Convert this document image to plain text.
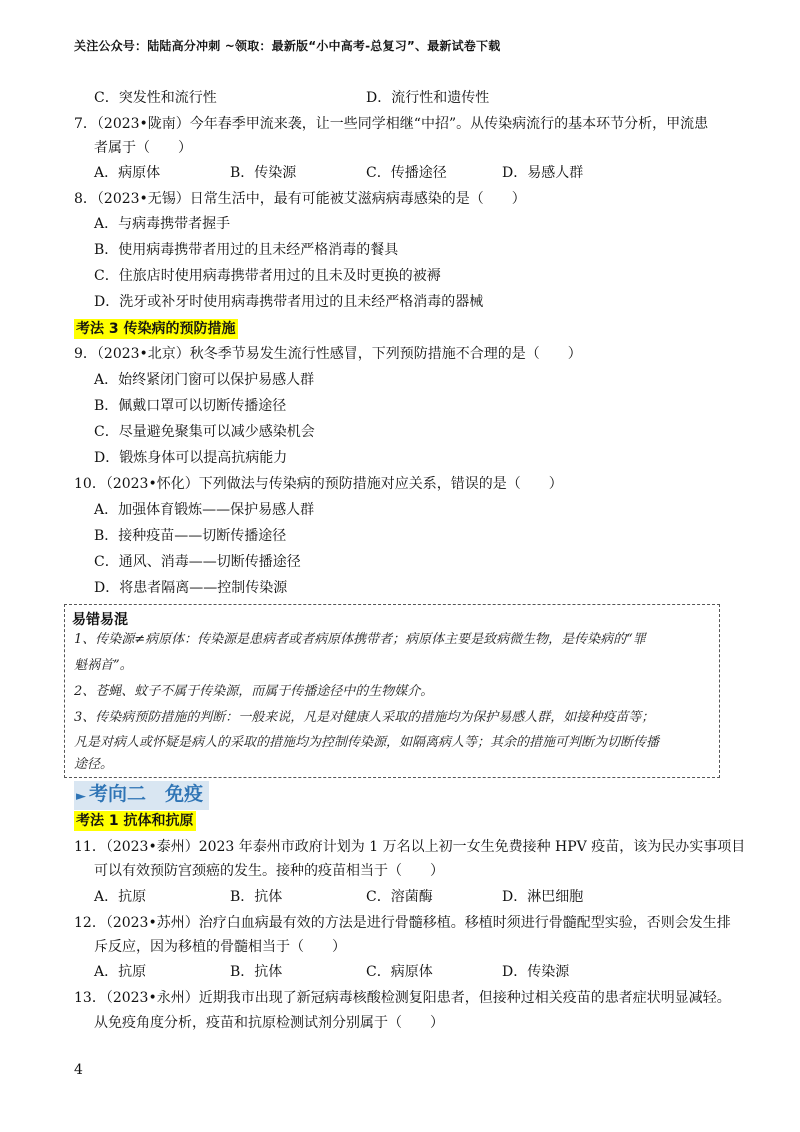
关注公众号：陆陆高分冲刺 ~领取：最新版“小中高考-总复习”、最新试卷下载
C．突发性和流行性	D．流行性和遗传性
7．（2023•陇南）今年春季甲流来袭，让一些同学相继“中招”。从传染病流行的基本环节分析，甲流患
者属于（　　）
A．病原体	B．传染源	C．传播途径	D．易感人群
8．（2023•无锡）日常生活中，最有可能被艾滋病病毒感染的是（　　）
A．与病毒携带者握手
B．使用病毒携带者用过的且未经严格消毒的餐具
C．住旅店时使用病毒携带者用过的且未及时更换的被褥
D．洗牙或补牙时使用病毒携带者用过的且未经严格消毒的器械
考法 3 传染病的预防措施
9．（2023•北京）秋冬季节易发生流行性感冒，下列预防措施不合理的是（　　）
A．始终紧闭门窗可以保护易感人群
B．佩戴口罩可以切断传播途径
C．尽量避免聚集可以减少感染机会
D．锻炼身体可以提高抗病能力
10．（2023•怀化）下列做法与传染病的预防措施对应关系，错误的是（　　）
A．加强体育锻炼——保护易感人群
B．接种疫苗——切断传播途径
C．通风、消毒——切断传播途径
D．将患者隔离——控制传染源
易错易混
1、传染源≠病原体：传染源是患病者或者病原体携带者；病原体主要是致病微生物，是传染病的“罪
魁祸首”。
2、苍蝇、蚊子不属于传染源，而属于传播途径中的生物媒介。
3、传染病预防措施的判断：一般来说，凡是对健康人采取的措施均为保护易感人群，如接种疫苗等；
凡是对病人或怀疑是病人的采取的措施均为控制传染源，如隔离病人等；其余的措施可判断为切断传播
途径。
► 考向二　免疫
考法 1 抗体和抗原
11．（2023•泰州）2023 年泰州市政府计划为 1 万名以上初一女生免费接种 HPV 疫苗，该为民办实事项目
可以有效预防宫颈癌的发生。接种的疫苗相当于（　　）
A．抗原	B．抗体	C．溶菌酶	D．淋巴细胞
12．（2023•苏州）治疗白血病最有效的方法是进行骨髓移植。移植时须进行骨髓配型实验，否则会发生排
斥反应，因为移植的骨髓相当于（　　）
A．抗原	B．抗体	C．病原体	D．传染源
13．（2023•永州）近期我市出现了新冠病毒核酸检测复阳患者，但接种过相关疫苗的患者症状明显减轻。
从免疫角度分析，疫苗和抗原检测试剂分别属于（　　）
4
